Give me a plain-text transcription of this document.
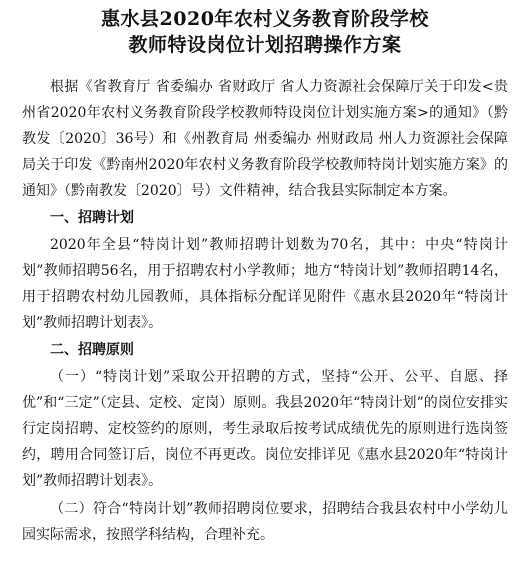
惠水县2020年农村义务教育阶段学校

教师特设岗位计划招聘操作方案

根据《省教育厅 省委编办 省财政厅 省人力资源社会保障厅关于印发<贵州省2020年农村义务教育阶段学校教师特设岗位计划实施方案>的通知》（黔教发〔2020〕36号）和《州教育局 州委编办 州财政局 州人力资源社会保障局关于印发《黔南州2020年农村义务教育阶段学校教师特岗计划实施方案》的通知》（黔南教发〔2020〕号）文件精神，结合我县实际制定本方案。

一、招聘计划

2020年全县“特岗计划”教师招聘计划数为70名，其中：中央“特岗计划”教师招聘56名，用于招聘农村小学教师；地方“特岗计划”教师招聘14名，用于招聘农村幼儿园教师，具体指标分配详见附件《惠水县2020年“特岗计划”教师招聘计划表》。

二、招聘原则

（一）“特岗计划”采取公开招聘的方式，坚持“公开、公平、自愿、择优”和“三定”（定县、定校、定岗）原则。我县2020年“特岗计划”的岗位安排实行定岗招聘、定校签约的原则，考生录取后按考试成绩优先的原则进行选岗签约，聘用合同签订后，岗位不再更改。岗位安排详见《惠水县2020年“特岗计划”教师招聘计划表》。

（二）符合“特岗计划”教师招聘岗位要求，招聘结合我县农村中小学幼儿园实际需求，按照学科结构，合理补充。
